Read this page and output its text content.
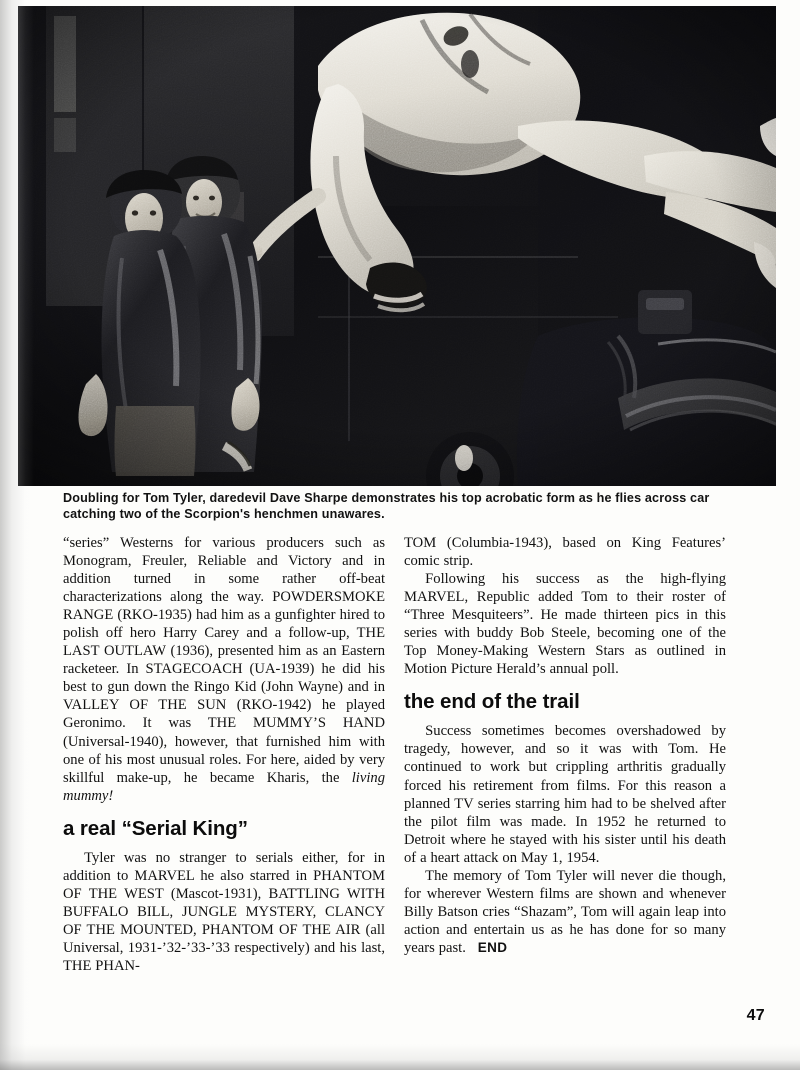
Doubling for Tom Tyler, daredevil Dave Sharpe demonstrates his top acrobatic form as he flies across car catching two of the Scorpion's henchmen unawares.

“series” Westerns for various producers such as Monogram, Freuler, Reliable and Victory and in addition turned in some rather off-beat characterizations along the way. POWDERSMOKE RANGE (RKO-1935) had him as a gunfighter hired to polish off hero Harry Carey and a follow-up, THE LAST OUTLAW (1936), presented him as an Eastern racketeer. In STAGECOACH (UA-1939) he did his best to gun down the Ringo Kid (John Wayne) and in VALLEY OF THE SUN (RKO-1942) he played Geronimo. It was THE MUMMY’S HAND (Universal-1940), however, that furnished him with one of his most unusual roles. For here, aided by very skillful make-up, he became Kharis, the living mummy!

a real “Serial King”

Tyler was no stranger to serials either, for in addition to MARVEL he also starred in PHANTOM OF THE WEST (Mascot-1931), BATTLING WITH BUFFALO BILL, JUNGLE MYSTERY, CLANCY OF THE MOUNTED, PHANTOM OF THE AIR (all Universal, 1931-’32-’33-’33 respectively) and his last, THE PHAN-

TOM (Columbia-1943), based on King Features’ comic strip.

Following his success as the high-flying MARVEL, Republic added Tom to their roster of “Three Mesquiteers”. He made thirteen pics in this series with buddy Bob Steele, becoming one of the Top Money-Making Western Stars as outlined in Motion Picture Herald’s annual poll.

the end of the trail

Success sometimes becomes overshadowed by tragedy, however, and so it was with Tom. He continued to work but crippling arthritis gradually forced his retirement from films. For this reason a planned TV series starring him had to be shelved after the pilot film was made. In 1952 he returned to Detroit where he stayed with his sister until his death of a heart attack on May 1, 1954.

The memory of Tom Tyler will never die though, for wherever Western films are shown and whenever Billy Batson cries “Shazam”, Tom will again leap into action and entertain us as he has done for so many years past. END

47
